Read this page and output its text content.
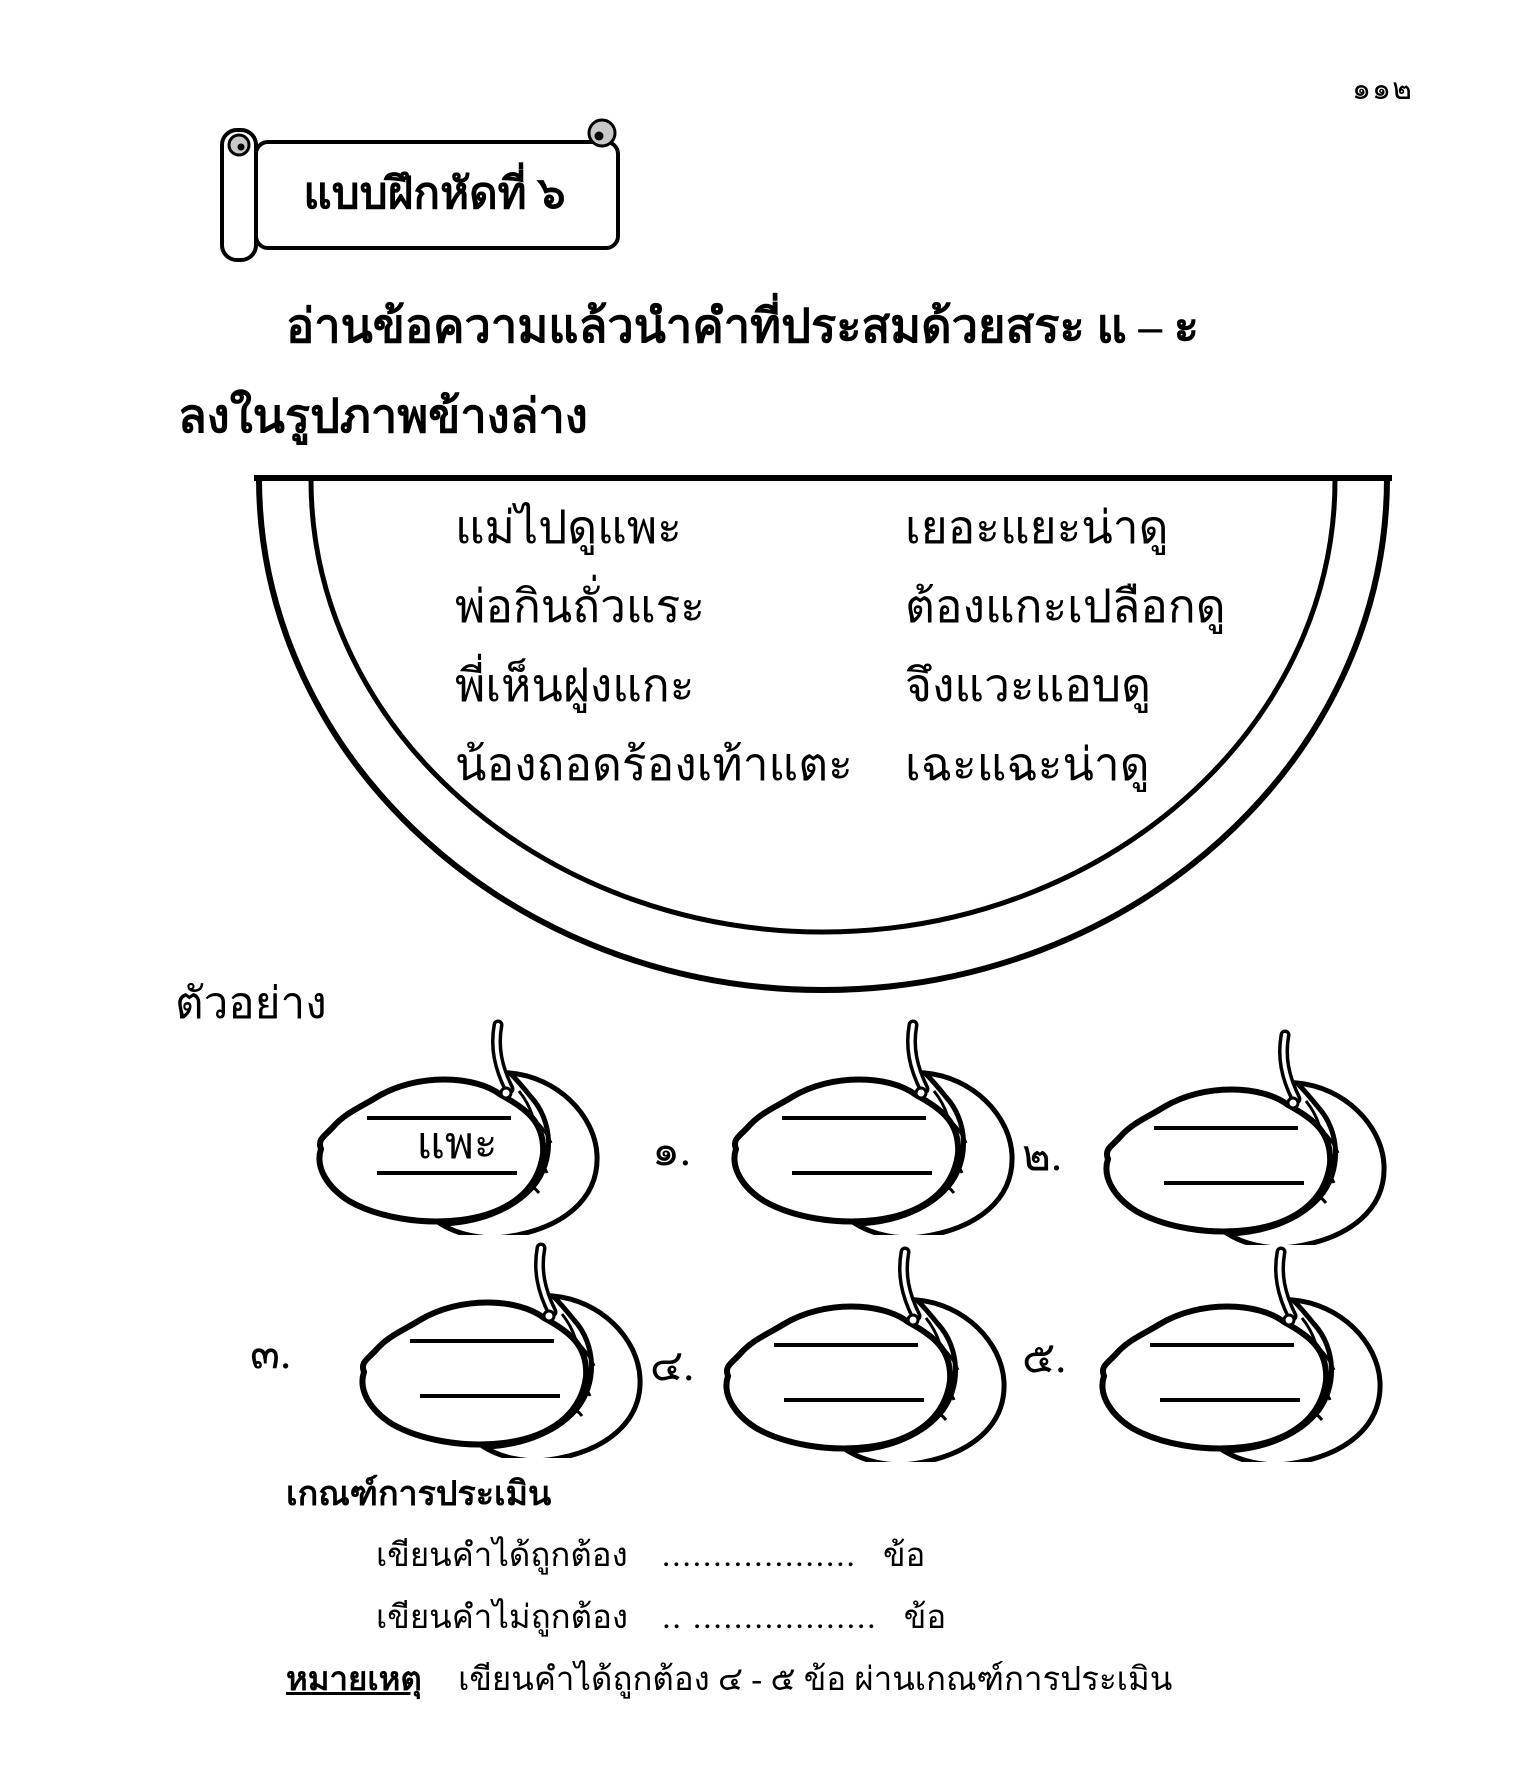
๑๑๒
แบบฝึกหัดที่ ๖
อ่านข้อความแล้วนำคำที่ประสมด้วยสระ แ – ะ
ลงในรูปภาพข้างล่าง
แม่ไปดูแพะ	เยอะแยะน่าดู
พ่อกินถั่วแระ	ต้องแกะเปลือกดู
พี่เห็นฝูงแกะ	จึงแวะแอบดู
น้องถอดร้องเท้าแตะ	เฉะแฉะน่าดู
ตัวอย่าง
แพะ	๑.	๒.
๓.	๔.	๕.
เกณฑ์การประเมิน
เขียนคำได้ถูกต้อง ................... ข้อ
เขียนคำไม่ถูกต้อง .. .................. ข้อ
หมายเหตุ เขียนคำได้ถูกต้อง ๔ - ๕ ข้อ ผ่านเกณฑ์การประเมิน
